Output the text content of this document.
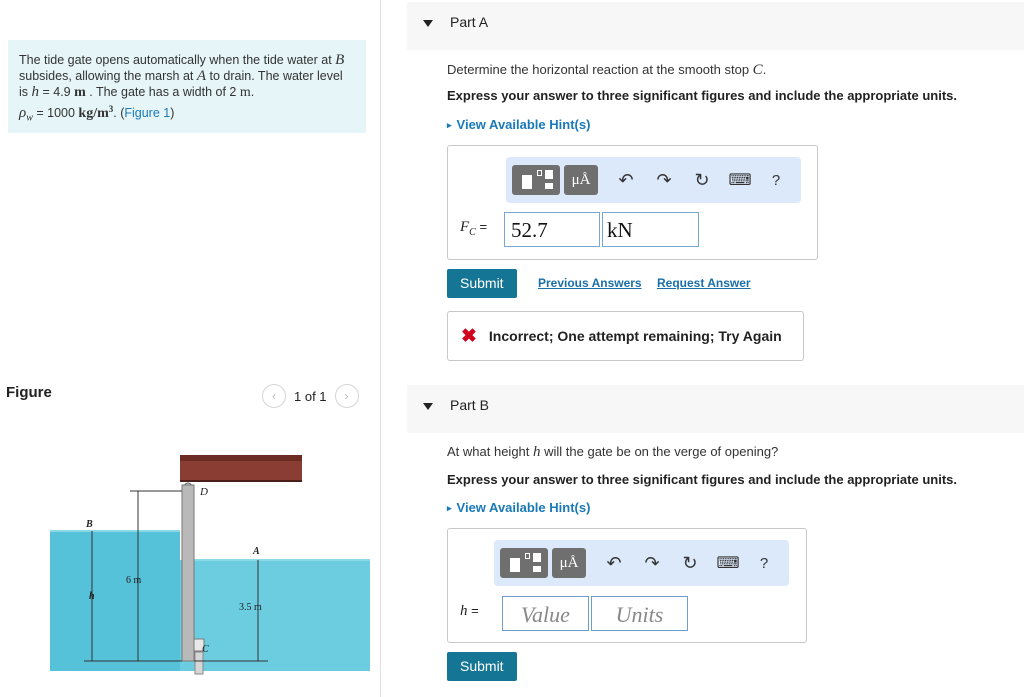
The tide gate opens automatically when the tide water at B subsides, allowing the marsh at A to drain. The water level is h = 4.9 m . The gate has a width of 2 m.
$\rho_w = 1000$ $kg/m^3$. (Figure 1)
Figure	‹ 1 of 1 ›
B
D
A
h
6 m
3.5 m
C
Part A
Determine the horizontal reaction at the smooth stop C.
Express your answer to three significant figures and include the appropriate units.
▸ View Available Hint(s)
μÅ	↶ ↷ ↻ ⌨	?
$F_C$ =	52.7	kN
Submit	Previous Answers Request Answer
✖ Incorrect; One attempt remaining; Try Again
Part B
At what height h will the gate be on the verge of opening?
Express your answer to three significant figures and include the appropriate units.
▸ View Available Hint(s)
μÅ	↶ ↷ ↻ ⌨	?
h =	Value	Units
Submit
